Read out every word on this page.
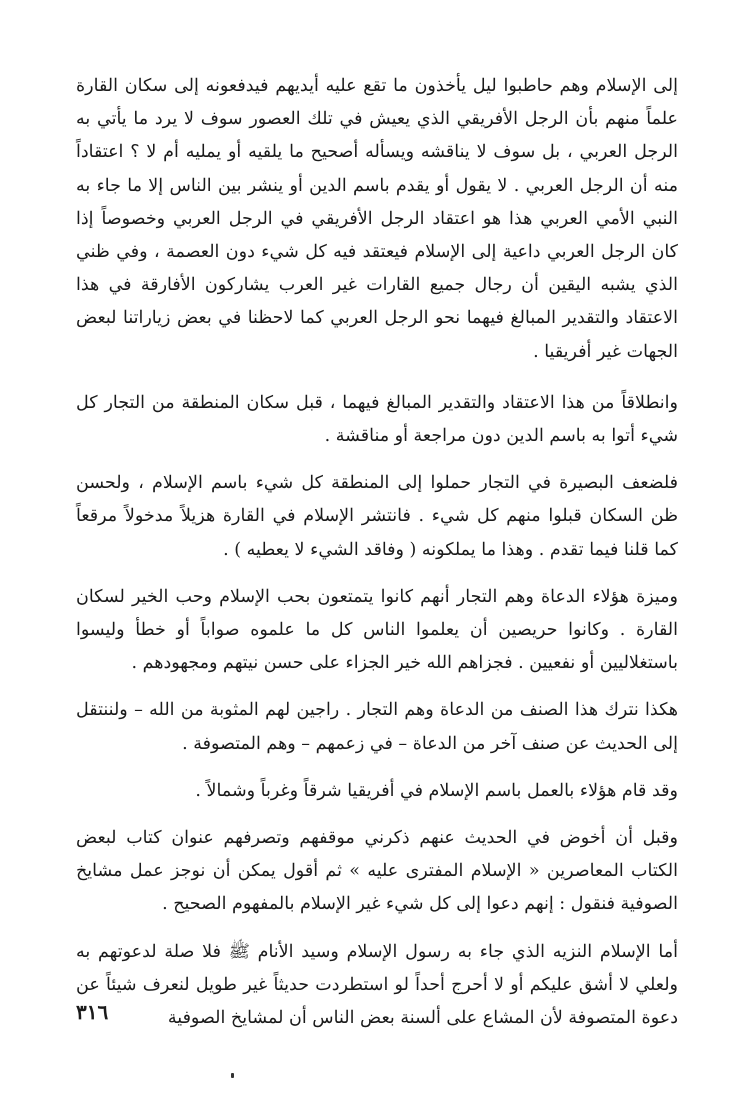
إلى الإسلام وهم حاطبوا ليل يأخذون ما تقع عليه أيديهم فيدفعونه إلى سكان القارة علماً منهم بأن الرجل الأفريقي الذي يعيش في تلك العصور سوف لا يرد ما يأتي به الرجل العربي ، بل سوف لا يناقشه ويسأله أصحيح ما يلقيه أو يمليه أم لا ؟ اعتقاداً منه أن الرجل العربي . لا يقول أو يقدم باسم الدين أو ينشر بين الناس إلا ما جاء به النبي الأمي العربي هذا هو اعتقاد الرجل الأفريقي في الرجل العربي وخصوصاً إذا كان الرجل العربي داعية إلى الإسلام فيعتقد فيه كل شيء دون العصمة ، وفي ظني الذي يشبه اليقين أن رجال جميع القارات غير العرب يشاركون الأفارقة في هذا الاعتقاد والتقدير المبالغ فيهما نحو الرجل العربي كما لاحظنا في بعض زياراتنا لبعض الجهات غير أفريقيا .

وانطلاقاً من هذا الاعتقاد والتقدير المبالغ فيهما ، قبل سكان المنطقة من التجار كل شيء أتوا به باسم الدين دون مراجعة أو مناقشة .

فلضعف البصيرة في التجار حملوا إلى المنطقة كل شيء باسم الإسلام ، ولحسن ظن السكان قبلوا منهم كل شيء . فانتشر الإسلام في القارة هزيلاً مدخولاً مرقعاً كما قلنا فيما تقدم . وهذا ما يملكونه ( وفاقد الشيء لا يعطيه ) .

وميزة هؤلاء الدعاة وهم التجار أنهم كانوا يتمتعون بحب الإسلام وحب الخير لسكان القارة . وكانوا حريصين أن يعلموا الناس كل ما علموه صواباً أو خطأ وليسوا باستغلاليين أو نفعيين . فجزاهم الله خير الجزاء على حسن نيتهم ومجهودهم .

هكذا نترك هذا الصنف من الدعاة وهم التجار . راجين لهم المثوبة من الله – ولننتقل إلى الحديث عن صنف آخر من الدعاة – في زعمهم – وهم المتصوفة .

وقد قام هؤلاء بالعمل باسم الإسلام في أفريقيا شرقاً وغرباً وشمالاً .

وقبل أن أخوض في الحديث عنهم ذكرني موقفهم وتصرفهم عنوان كتاب لبعض الكتاب المعاصرين « الإسلام المفترى عليه » ثم أقول يمكن أن نوجز عمل مشايخ الصوفية فنقول : إنهم دعوا إلى كل شيء غير الإسلام بالمفهوم الصحيح .

أما الإسلام النزيه الذي جاء به رسول الإسلام وسيد الأنام ﷺ فلا صلة لدعوتهم به ولعلي لا أشق عليكم أو لا أحرج أحداً لو استطردت حديثاً غير طويل لنعرف شيئاً عن دعوة المتصوفة لأن المشاع على ألسنة بعض الناس أن لمشايخ الصوفية

٣١٦
